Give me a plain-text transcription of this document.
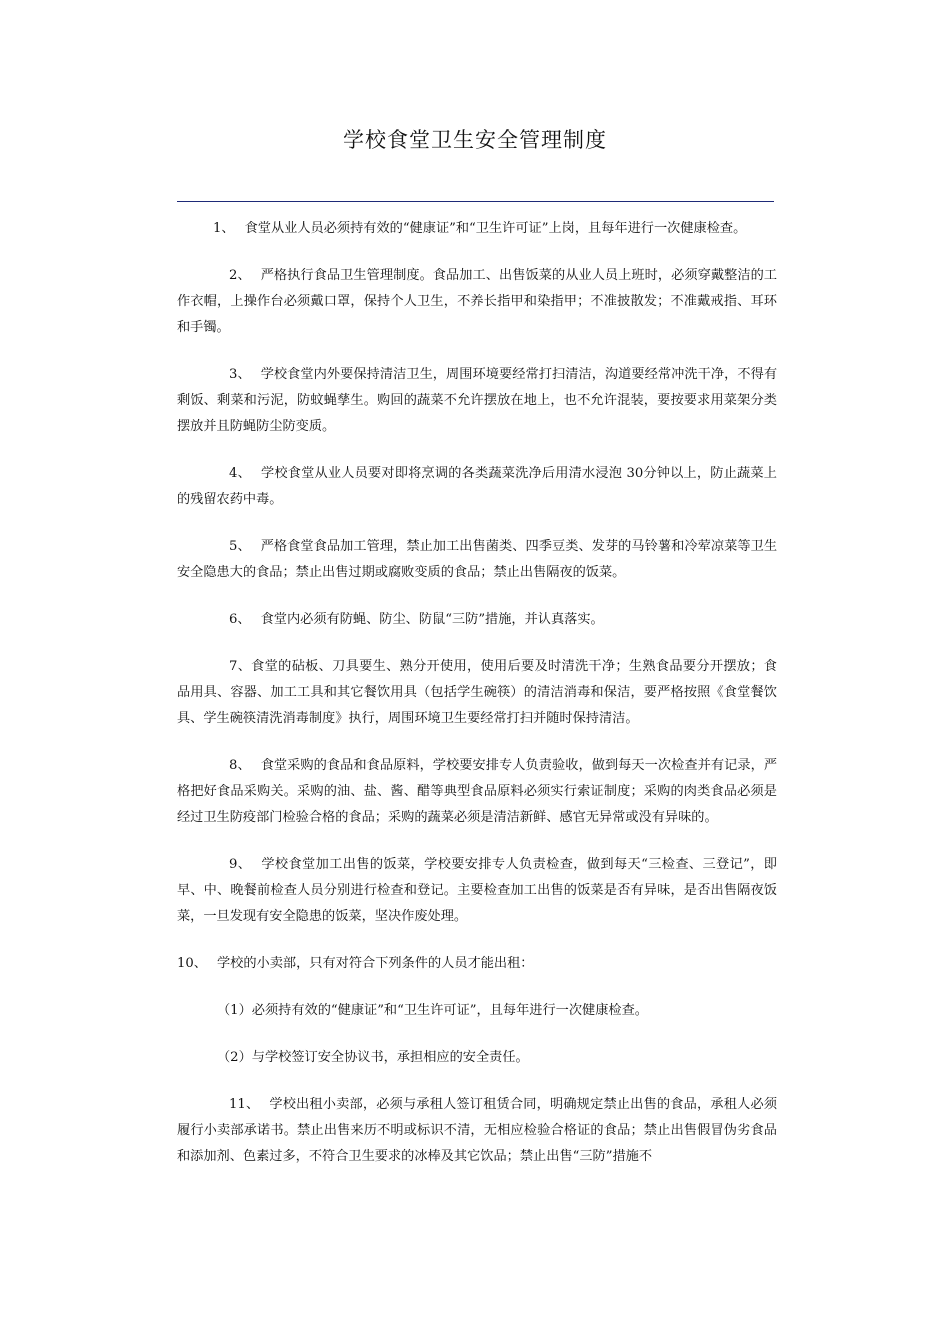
学校食堂卫生安全管理制度

1、 食堂从业人员必须持有效的“健康证”和“卫生许可证”上岗，且每年进行一次健康检查。

2、 严格执行食品卫生管理制度。食品加工、出售饭菜的从业人员上班时，必须穿戴整洁的工作衣帽，上操作台必须戴口罩，保持个人卫生，不养长指甲和染指甲；不准披散发；不准戴戒指、耳环和手镯。

3、 学校食堂内外要保持清洁卫生，周围环境要经常打扫清洁，沟道要经常冲洗干净，不得有剩饭、剩菜和污泥，防蚊蝇孳生。购回的蔬菜不允许摆放在地上，也不允许混装，要按要求用菜架分类摆放并且防蝇防尘防变质。

4、 学校食堂从业人员要对即将烹调的各类蔬菜洗净后用清水浸泡 30分钟以上，防止蔬菜上的残留农药中毒。

5、 严格食堂食品加工管理，禁止加工出售菌类、四季豆类、发芽的马铃薯和冷荤凉菜等卫生安全隐患大的食品；禁止出售过期或腐败变质的食品；禁止出售隔夜的饭菜。

6、 食堂内必须有防蝇、防尘、防鼠“三防”措施，并认真落实。

7、食堂的砧板、刀具要生、熟分开使用，使用后要及时清洗干净；生熟食品要分开摆放；食品用具、容器、加工工具和其它餐饮用具（包括学生碗筷）的清洁消毒和保洁，要严格按照《食堂餐饮具、学生碗筷清洗消毒制度》执行，周围环境卫生要经常打扫并随时保持清洁。

8、 食堂采购的食品和食品原料，学校要安排专人负责验收，做到每天一次检查并有记录，严格把好食品采购关。采购的油、盐、酱、醋等典型食品原料必须实行索证制度；采购的肉类食品必须是经过卫生防疫部门检验合格的食品；采购的蔬菜必须是清洁新鲜、感官无异常或没有异味的。

9、 学校食堂加工出售的饭菜，学校要安排专人负责检查，做到每天“三检查、三登记”，即早、中、晚餐前检查人员分别进行检查和登记。主要检查加工出售的饭菜是否有异味，是否出售隔夜饭菜，一旦发现有安全隐患的饭菜，坚决作废处理。

10、 学校的小卖部，只有对符合下列条件的人员才能出租：

（1）必须持有效的“健康证”和“卫生许可证”，且每年进行一次健康检查。

（2）与学校签订安全协议书，承担相应的安全责任。

11、 学校出租小卖部，必须与承租人签订租赁合同，明确规定禁止出售的食品，承租人必须履行小卖部承诺书。禁止出售来历不明或标识不清，无相应检验合格证的食品；禁止出售假冒伪劣食品和添加剂、色素过多，不符合卫生要求的冰棒及其它饮品；禁止出售“三防”措施不
